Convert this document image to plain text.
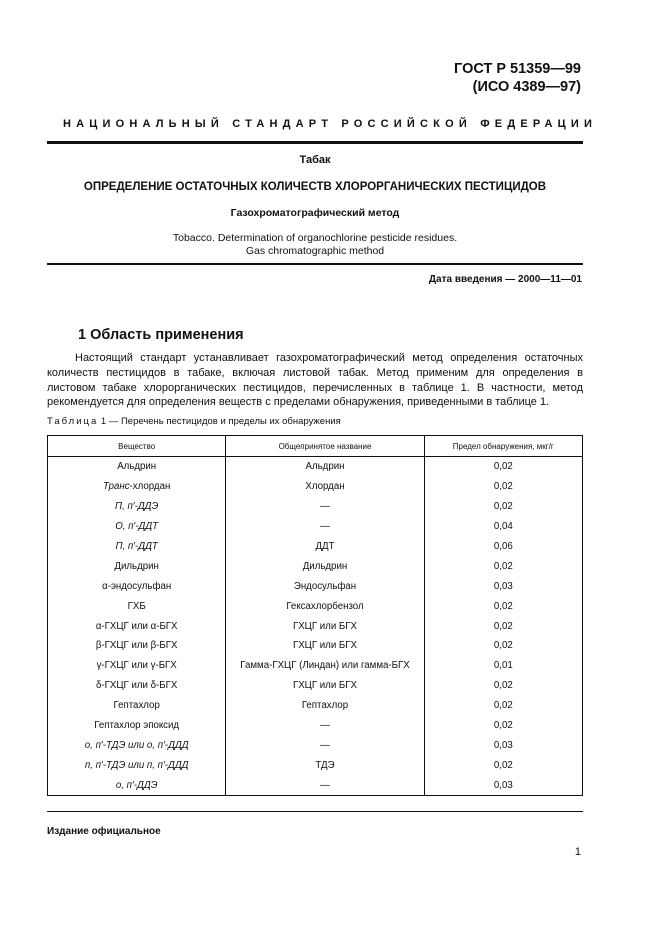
ГОСТ Р 51359—99
(ИСО 4389—97)
НАЦИОНАЛЬНЫЙ СТАНДАРТ РОССИЙСКОЙ ФЕДЕРАЦИИ
Табак
ОПРЕДЕЛЕНИЕ ОСТАТОЧНЫХ КОЛИЧЕСТВ ХЛОРОРГАНИЧЕСКИХ ПЕСТИЦИДОВ
Газохроматографический метод
Tobacco. Determination of organochlorine pesticide residues.
Gas chromatographic method
Дата введения — 2000—11—01
1 Область применения
Настоящий стандарт устанавливает газохроматографический метод определения остаточных количеств пестицидов в табаке, включая листовой табак. Метод применим для определения в листовом табаке хлорорганических пестицидов, перечисленных в таблице 1. В частности, метод рекомендуется для определения веществ с пределами обнаружения, приведенными в таблице 1.
Таблица 1 — Перечень пестицидов и пределы их обнаружения
Вещество	Общепринятое название	Предел обнаружения, мкг/г
Альдрин	Альдрин	0,02
Транс-хлордан	Хлордан	0,02
П, п′-ДДЭ	—	0,02
О, п′-ДДТ	—	0,04
П, п′-ДДТ	ДДТ	0,06
Дильдрин	Дильдрин	0,02
α-эндосульфан	Эндосульфан	0,03
ГХБ	Гексахлорбензол	0,02
α-ГХЦГ или α-БГХ	ГХЦГ или БГХ	0,02
β-ГХЦГ или β-БГХ	ГХЦГ или БГХ	0,02
γ-ГХЦГ или γ-БГХ	Гамма-ГХЦГ (Линдан) или гамма-БГХ	0,01
δ-ГХЦГ или δ-БГХ	ГХЦГ или БГХ	0,02
Гептахлор	Гептахлор	0,02
Гептахлор эпоксид	—	0,02
о, п′-ТДЭ или о, п′-ДДД	—	0,03
п, п′-ТДЭ или п, п′-ДДД	ТДЭ	0,02
о, п′-ДДЭ	—	0,03
Издание официальное
1
